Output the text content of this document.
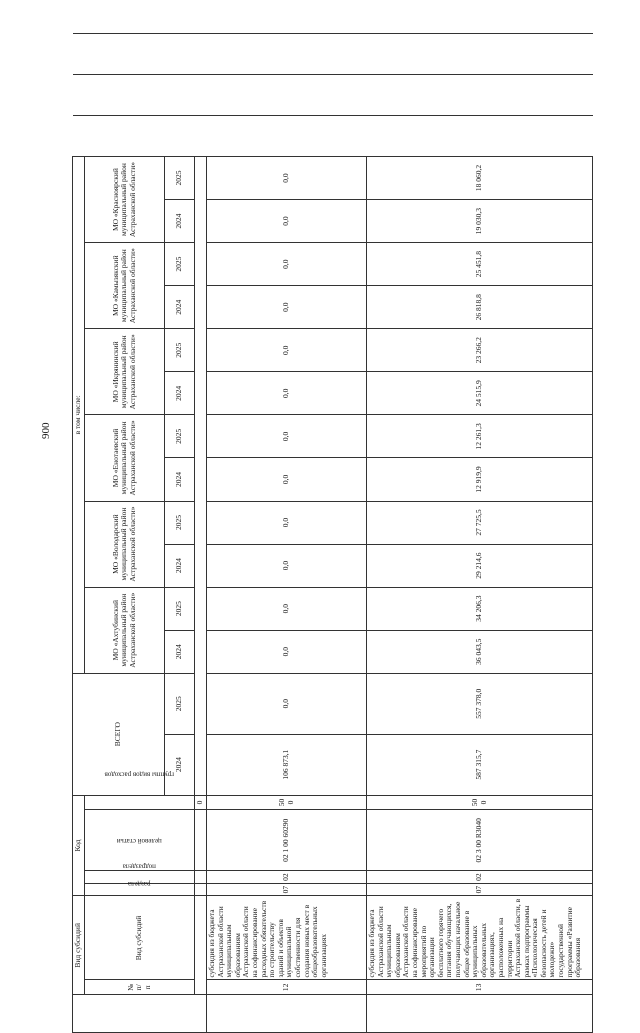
900
	Вид субсидий		Код				ВСЕГО		в том числе:														
	№ п/п	Вид субсидий	раздела	подраздела	целевой статьи	группы видов расходов			МО «Ахтубинский муниципальный район Астраханской области»		МО «Володарский муниципальный район Астраханской области»		МО «Енотаевский муниципальный район Астраханской области»		МО «Икрянинский муниципальный район Астраханской области»		МО «Камызякский муниципальный район Астраханской области»		МО «Красноярский муниципальный район Астраханской области»				
							2024	2025	2024	2025	2024	2025	2024	2025	2024	2025	2024	2025	2024	2025			
						0																	
	12	субсидия из бюджета Астраханской области муниципальным образованиям Астраханской области на софинансирование расходных обязательств по строительству зданий и объектов муниципальной собственности для создания новых мест в общеобразовательных организациях	07	02	02 1 00 60290	500	106 873,1	0,0	0,0	0,0	0,0	0,0	0,0	0,0	0,0	0,0	0,0	0,0	0,0	0,0			
	13	субсидия из бюджета Астраханской области муниципальным образованиям Астраханской области на софинансирование мероприятий по организации бесплатного горячего питания обучающихся, получающих начальное общее образование в муниципальных образовательных организациях, расположенных на территории Астраханской области, в рамках подпрограммы «Психологическая безопасность детей и молодежи» государственной программы «Развитие образования	07	02	02 3 00 R3040	500	587 315,7	557 378,0	36 043,5	34 206,3	29 214,6	27 725,5	12 919,9	12 261,3	24 515,9	23 266,2	26 818,8	25 451,8	19 030,3	18 060,2			
